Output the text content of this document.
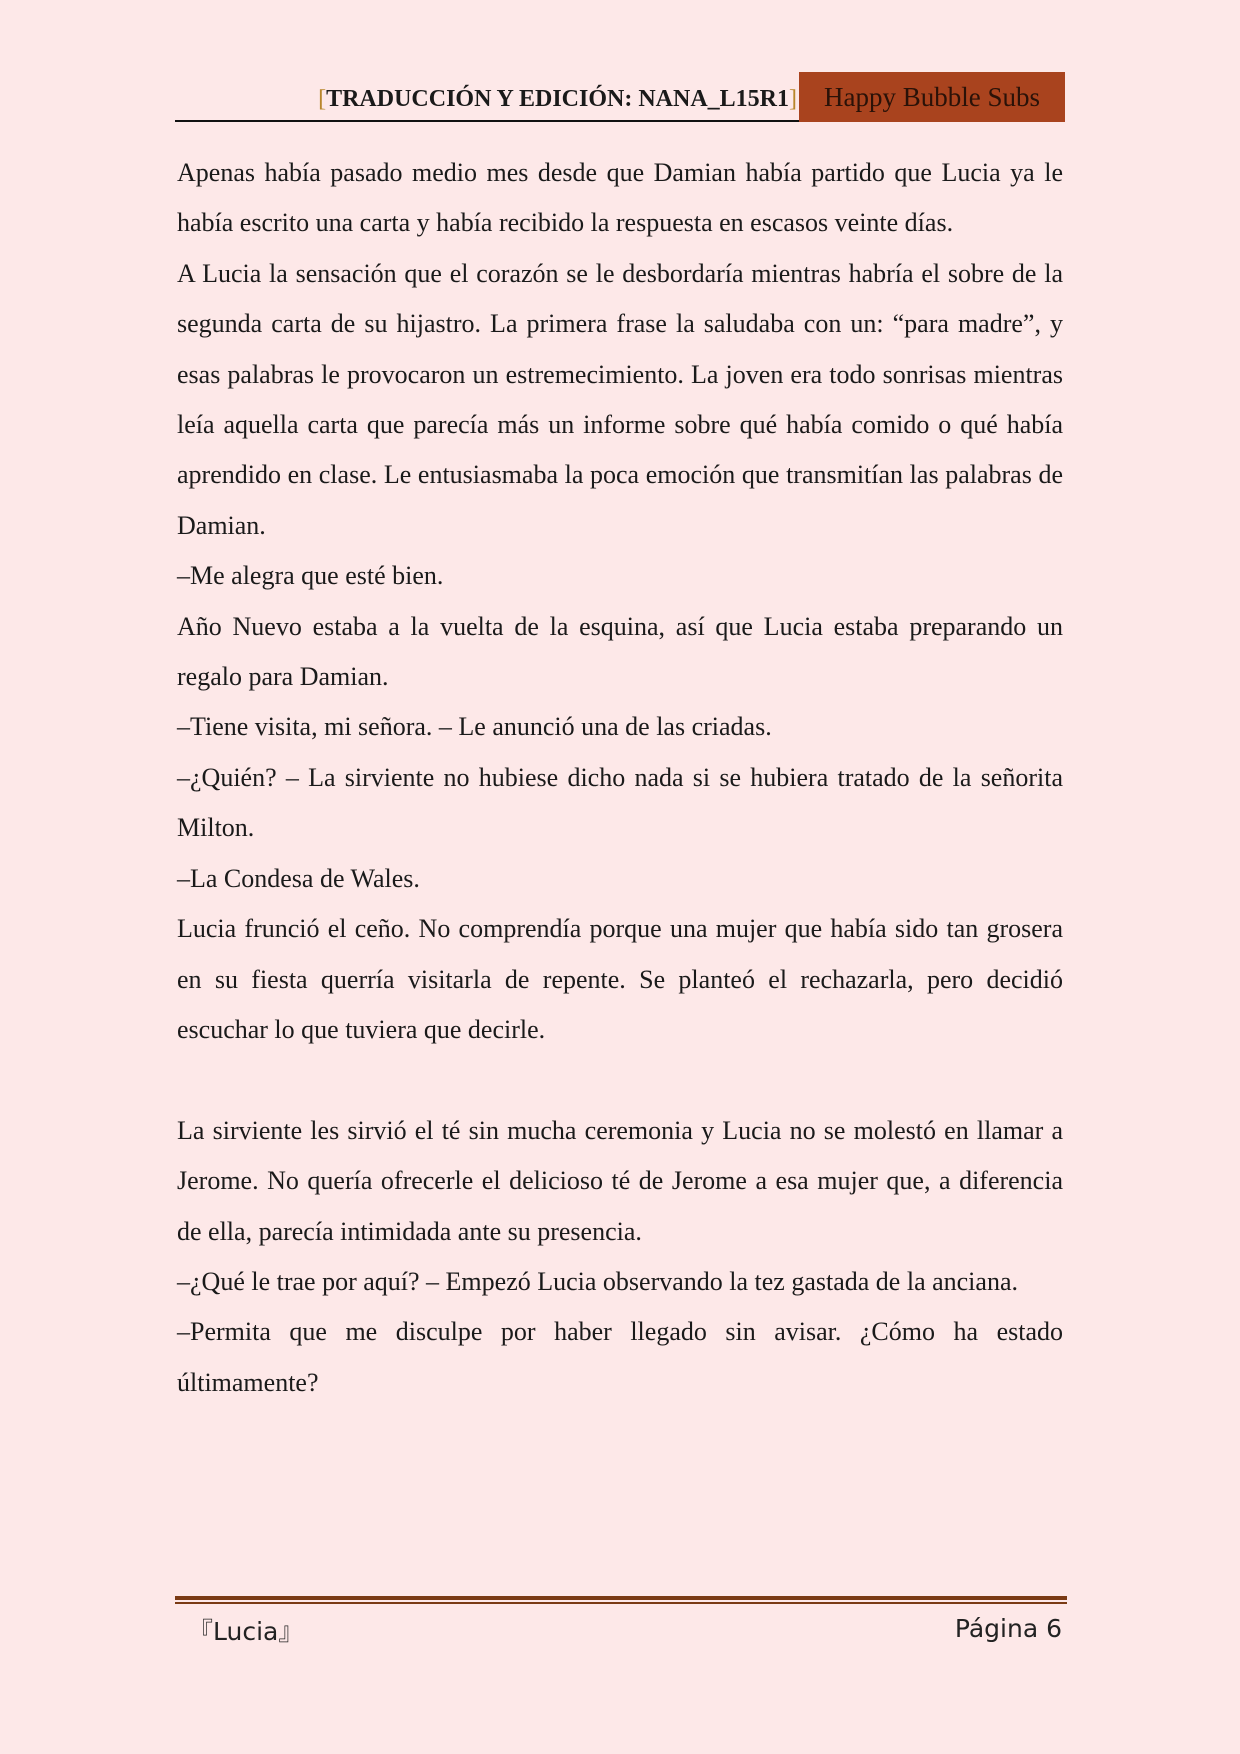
[TRADUCCIÓN Y EDICIÓN: NANA_L15R1]	Happy Bubble Subs

Apenas había pasado medio mes desde que Damian había partido que Lucia ya le había escrito una carta y había recibido la respuesta en escasos veinte días.

A Lucia la sensación que el corazón se le desbordaría mientras habría el sobre de la segunda carta de su hijastro. La primera frase la saludaba con un: “para madre”, y esas palabras le provocaron un estremecimiento. La joven era todo sonrisas mientras leía aquella carta que parecía más un informe sobre qué había comido o qué había aprendido en clase. Le entusiasmaba la poca emoción que transmitían las palabras de Damian.

–Me alegra que esté bien.

Año Nuevo estaba a la vuelta de la esquina, así que Lucia estaba preparando un regalo para Damian.

–Tiene visita, mi señora. – Le anunció una de las criadas.

–¿Quién? – La sirviente no hubiese dicho nada si se hubiera tratado de la señorita Milton.

–La Condesa de Wales.

Lucia frunció el ceño. No comprendía porque una mujer que había sido tan grosera en su fiesta querría visitarla de repente. Se planteó el rechazarla, pero decidió escuchar lo que tuviera que decirle.

La sirviente les sirvió el té sin mucha ceremonia y Lucia no se molestó en llamar a Jerome. No quería ofrecerle el delicioso té de Jerome a esa mujer que, a diferencia de ella, parecía intimidada ante su presencia.

–¿Qué le trae por aquí? – Empezó Lucia observando la tez gastada de la anciana.

–Permita que me disculpe por haber llegado sin avisar. ¿Cómo ha estado últimamente?

『Lucia』	Página 6
